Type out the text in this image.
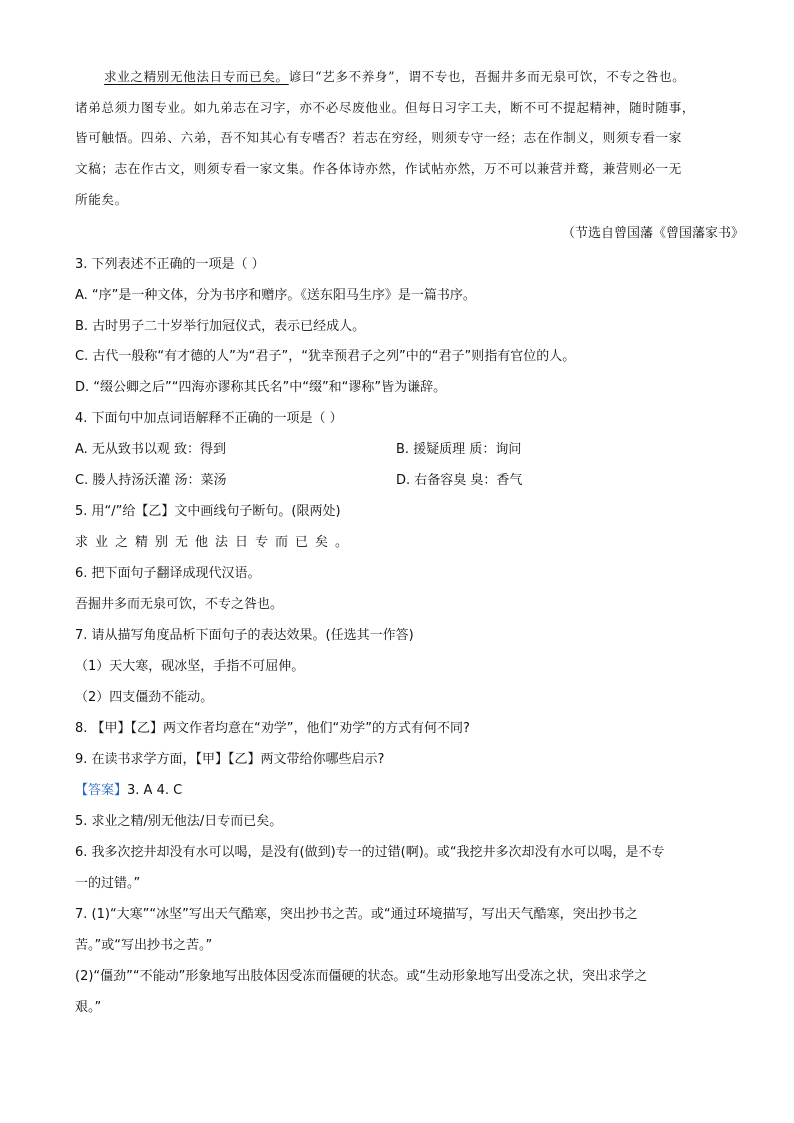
求业之精别无他法日专而已矣。谚曰“艺多不养身”，谓不专也，吾掘井多而无泉可饮，不专之咎也。
诸弟总须力图专业。如九弟志在习字，亦不必尽废他业。但每日习字工夫，断不可不提起精神，随时随事，
皆可触悟。四弟、六弟，吾不知其心有专嗜否？若志在穷经，则须专守一经；志在作制义，则须专看一家
文稿；志在作古文，则须专看一家文集。作各体诗亦然，作试帖亦然，万不可以兼营并鹜，兼营则必一无
所能矣。
（节选自曾国藩《曾国藩家书》
3. 下列表述不正确的一项是（ ）
A. “序”是一种文体，分为书序和赠序。《送东阳马生序》是一篇书序。
B. 古时男子二十岁举行加冠仪式，表示已经成人。
C. 古代一般称“有才德的人”为“君子”，“犹幸预君子之列”中的“君子”则指有官位的人。
D. “缀公卿之后”“四海亦谬称其氏名”中“缀”和“谬称”皆为谦辞。
4. 下面句中加点词语解释不正确的一项是（ ）
A. 无从致书以观 致：得到	B. 援疑质理 质：询问
C. 媵人持汤沃灌 汤：菜汤	D. 右备容臭 臭：香气
5. 用“/”给【乙】文中画线句子断句。(限两处)
求业之精别无他法日专而已矣。
6. 把下面句子翻译成现代汉语。
吾掘井多而无泉可饮，不专之咎也。
7. 请从描写角度品析下面句子的表达效果。(任选其一作答)
（1）天大寒，砚冰坚，手指不可屈伸。
（2）四支僵劲不能动。
8. 【甲】【乙】两文作者均意在“劝学”，他们“劝学”的方式有何不同?
9. 在读书求学方面，【甲】【乙】两文带给你哪些启示?
【答案】3. A 4. C
5. 求业之精/别无他法/日专而已矣。
6. 我多次挖井却没有水可以喝，是没有(做到)专一的过错(啊)。或“我挖井多次却没有水可以喝，是不专
一的过错。”
7. (1)“大寒”“冰坚”写出天气酷寒，突出抄书之苦。或“通过环境描写，写出天气酷寒，突出抄书之
苦。”或“写出抄书之苦。”
(2)“僵劲”“不能动”形象地写出肢体因受冻而僵硬的状态。或“生动形象地写出受冻之状，突出求学之
艰。”
